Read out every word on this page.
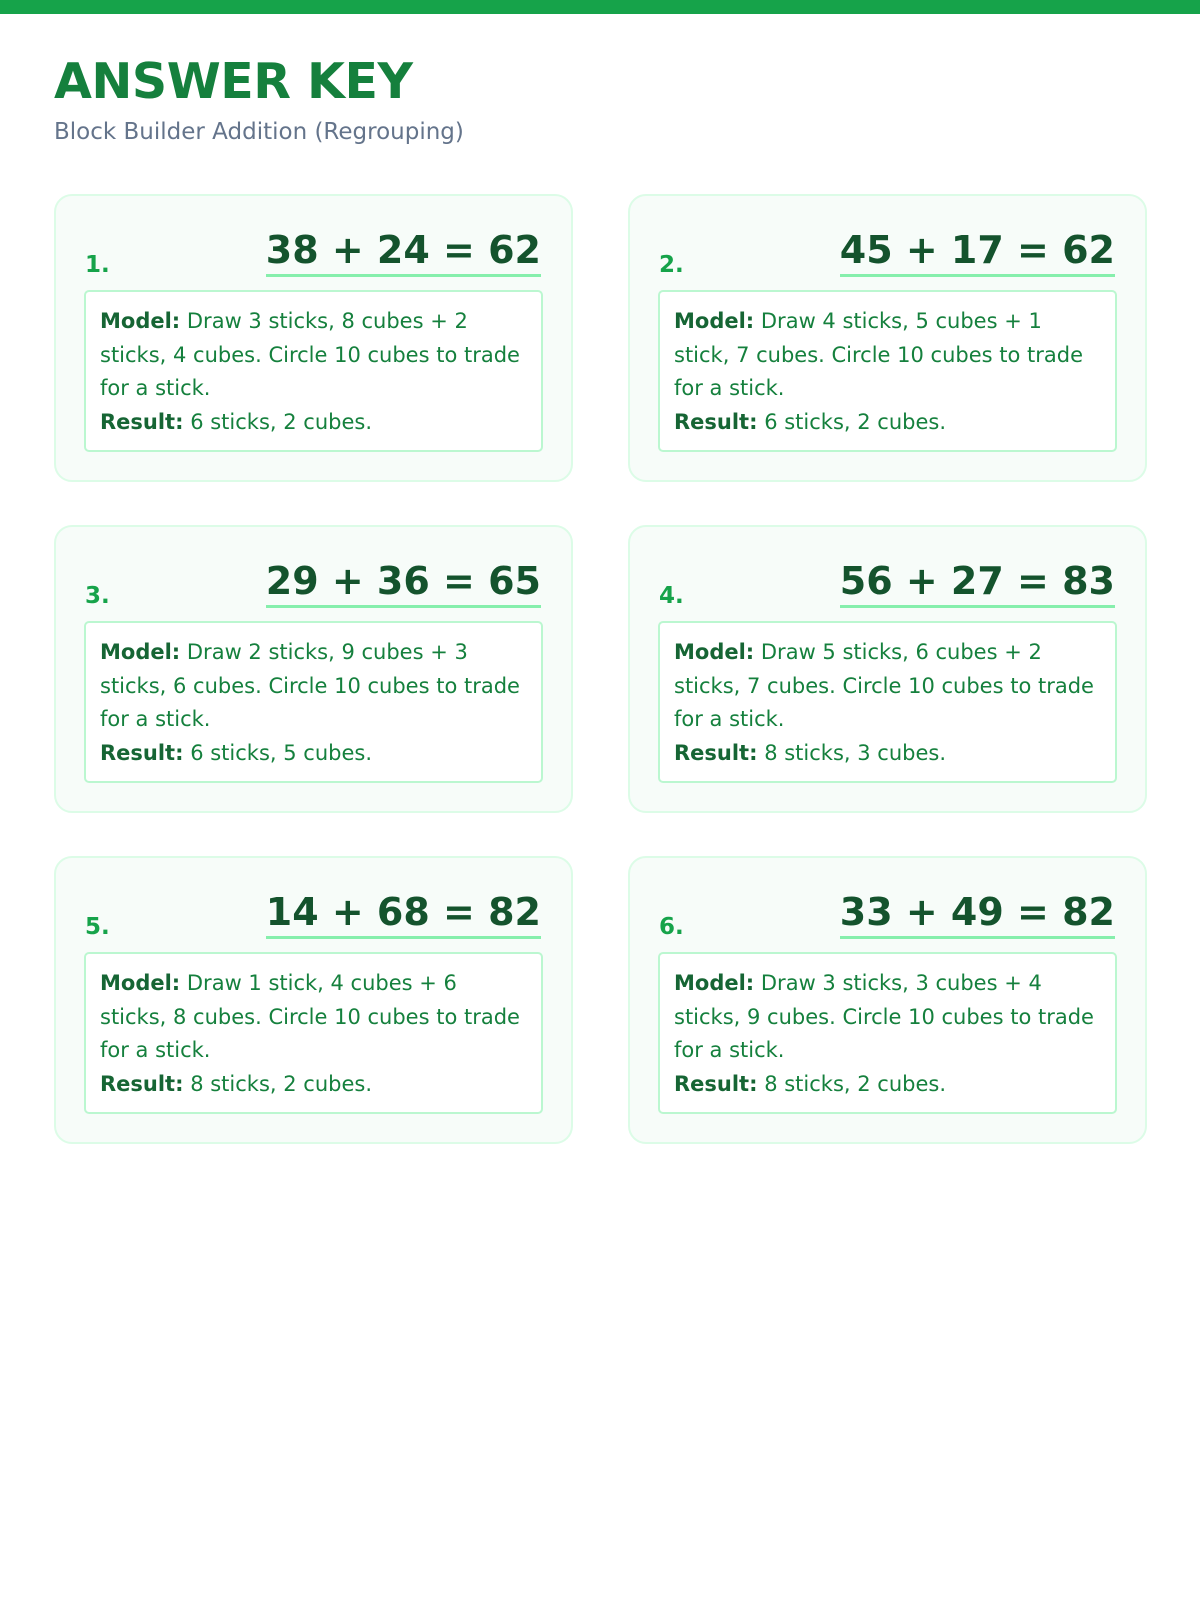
ANSWER KEY
Block Builder Addition (Regrouping)
1.	38 + 24 = 62
Model: Draw 3 sticks, 8 cubes + 2 sticks, 4 cubes. Circle 10 cubes to trade for a stick.
Result: 6 sticks, 2 cubes.
2.	45 + 17 = 62
Model: Draw 4 sticks, 5 cubes + 1 stick, 7 cubes. Circle 10 cubes to trade for a stick.
Result: 6 sticks, 2 cubes.
3.	29 + 36 = 65
Model: Draw 2 sticks, 9 cubes + 3 sticks, 6 cubes. Circle 10 cubes to trade for a stick.
Result: 6 sticks, 5 cubes.
4.	56 + 27 = 83
Model: Draw 5 sticks, 6 cubes + 2 sticks, 7 cubes. Circle 10 cubes to trade for a stick.
Result: 8 sticks, 3 cubes.
5.	14 + 68 = 82
Model: Draw 1 stick, 4 cubes + 6 sticks, 8 cubes. Circle 10 cubes to trade for a stick.
Result: 8 sticks, 2 cubes.
6.	33 + 49 = 82
Model: Draw 3 sticks, 3 cubes + 4 sticks, 9 cubes. Circle 10 cubes to trade for a stick.
Result: 8 sticks, 2 cubes.
